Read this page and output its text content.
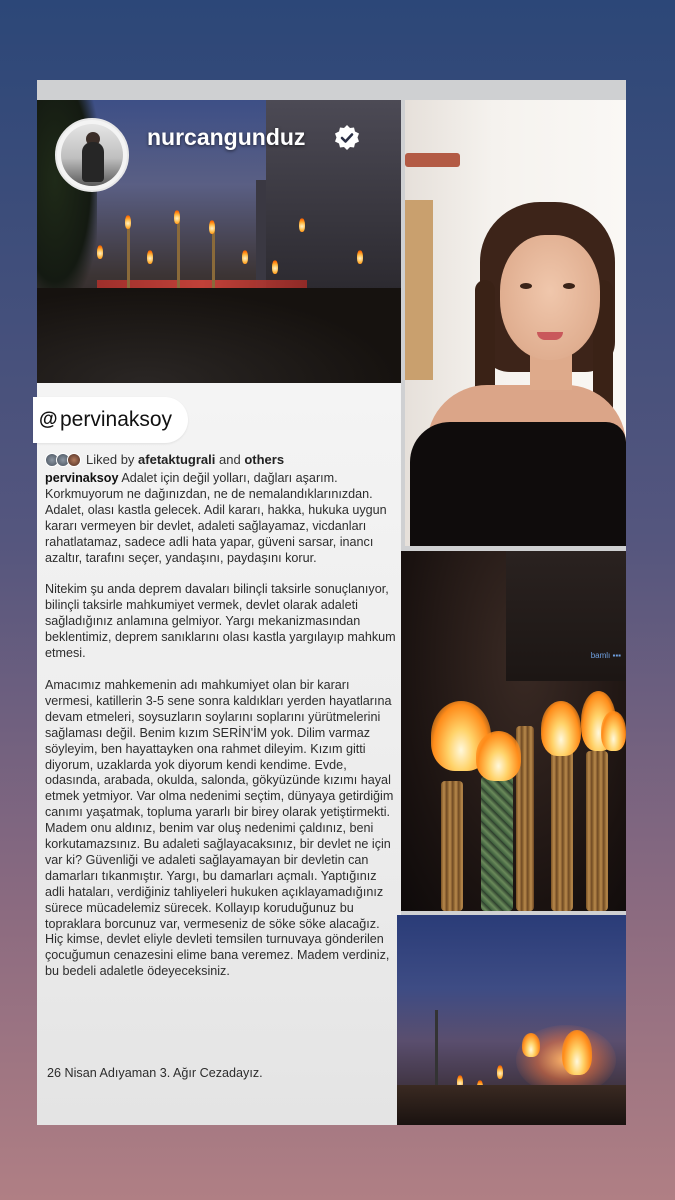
nurcangunduz
@ pervinaksoy
Liked by afetaktugrali and others

pervinaksoy Adalet için değil yolları, dağları aşarım. Korkmuyorum ne dağınızdan, ne de nemalandıklarınızdan. Adalet, olası kastla gelecek. Adil kararı, hakka, hukuka uygun kararı vermeyen bir devlet, adaleti sağlayamaz, vicdanları rahatlatamaz, sadece adli hata yapar, güveni sarsar, inancı azaltır, tarafını seçer, yandaşını, paydaşını korur.

Nitekim şu anda deprem davaları bilinçli taksirle sonuçlanıyor, bilinçli taksirle mahkumiyet vermek, devlet olarak adaleti sağladığınız anlamına gelmiyor. Yargı mekanizmasından beklentimiz, deprem sanıklarını olası kastla yargılayıp mahkum etmesi.

Amacımız mahkemenin adı mahkumiyet olan bir kararı vermesi, katillerin 3-5 sene sonra kaldıkları yerden hayatlarına devam etmeleri, soysuzların soylarını soplarını yürütmelerini sağlaması değil. Benim kızım SERİN'İM yok. Dilim varmaz söyleyim, ben hayattayken ona rahmet dileyim. Kızım gitti diyorum, uzaklarda yok diyorum kendi kendime. Evde, odasında, arabada, okulda, salonda, gökyüzünde kızımı hayal etmek yetmiyor. Var olma nedenimi seçtim, dünyaya getirdiğim canımı yaşatmak, topluma yararlı bir birey olarak yetiştirmekti. Madem onu aldınız, benim var oluş nedenimi çaldınız, beni korkutamazsınız. Bu adaleti sağlayacaksınız, bir devlet ne için var ki? Güvenliği ve adaleti sağlayamayan bir devletin can damarları tıkanmıştır. Yargı, bu damarları açmalı. Yaptığınız adli hataları, verdiğiniz tahliyeleri hukuken açıklayamadığınız sürece mücadelemiz sürecek. Kollayıp koruduğunuz bu topraklara borcunuz var, vermeseniz de söke söke alacağız. Hiç kimse, devlet eliyle devleti temsilen turnuvaya gönderilen çocuğumun cenazesini elime bana veremez. Madem verdiniz, bu bedeli adaletle ödeyeceksiniz.

26 Nisan Adıyaman 3. Ağır Cezadayız.
bamlı ▪▪▪
